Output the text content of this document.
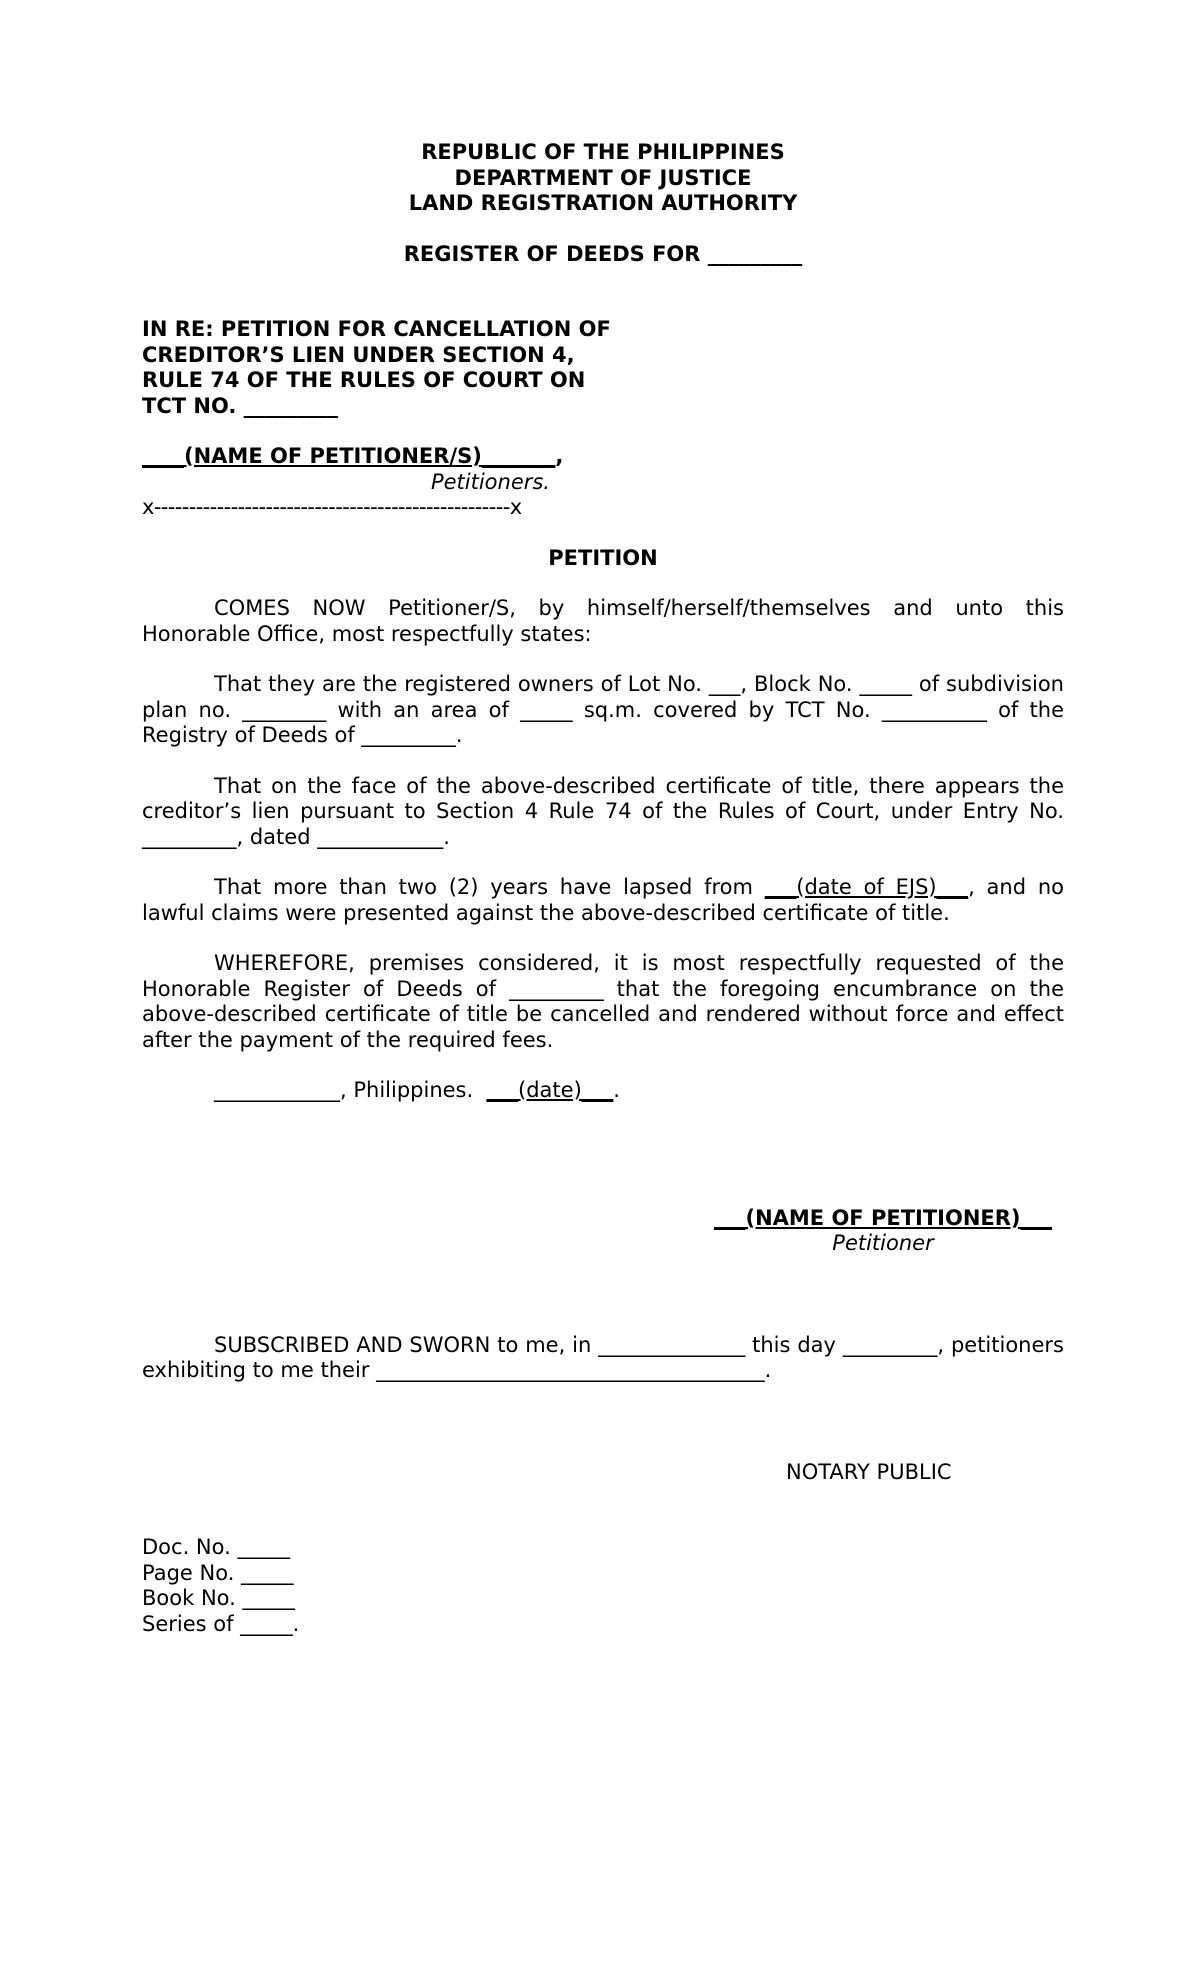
REPUBLIC OF THE PHILIPPINES

DEPARTMENT OF JUSTICE

LAND REGISTRATION AUTHORITY

REGISTER OF DEEDS FOR _________

IN RE: PETITION FOR CANCELLATION OF

CREDITOR’S LIEN UNDER SECTION 4,

RULE 74 OF THE RULES OF COURT ON

TCT NO. _________

____(NAME OF PETITIONER/S)_______,

Petitioners.

x---------------------------------------------------x

PETITION

COMES NOW Petitioner/S, by himself/herself/themselves and unto this Honorable Office, most respectfully states:

That they are the registered owners of Lot No. ___, Block No. _____ of subdivision plan no. ________ with an area of _____ sq.m. covered by TCT No. __________ of the Registry of Deeds of _________.

That on the face of the above-described certificate of title, there appears the creditor’s lien pursuant to Section 4 Rule 74 of the Rules of Court, under Entry No. _________, dated ____________.

That more than two (2) years have lapsed from ___(date of EJS)___, and no lawful claims were presented against the above-described certificate of title.

WHEREFORE, premises considered, it is most respectfully requested of the Honorable Register of Deeds of _________ that the foregoing encumbrance on the above-described certificate of title be cancelled and rendered without force and effect after the payment of the required fees.

____________, Philippines.  ___(date)___.

___(NAME OF PETITIONER)___

Petitioner

SUBSCRIBED AND SWORN to me, in ______________ this day _________, petitioners exhibiting to me their _____________________________________.

NOTARY PUBLIC

Doc. No. _____

Page No. _____

Book No. _____

Series of _____.
